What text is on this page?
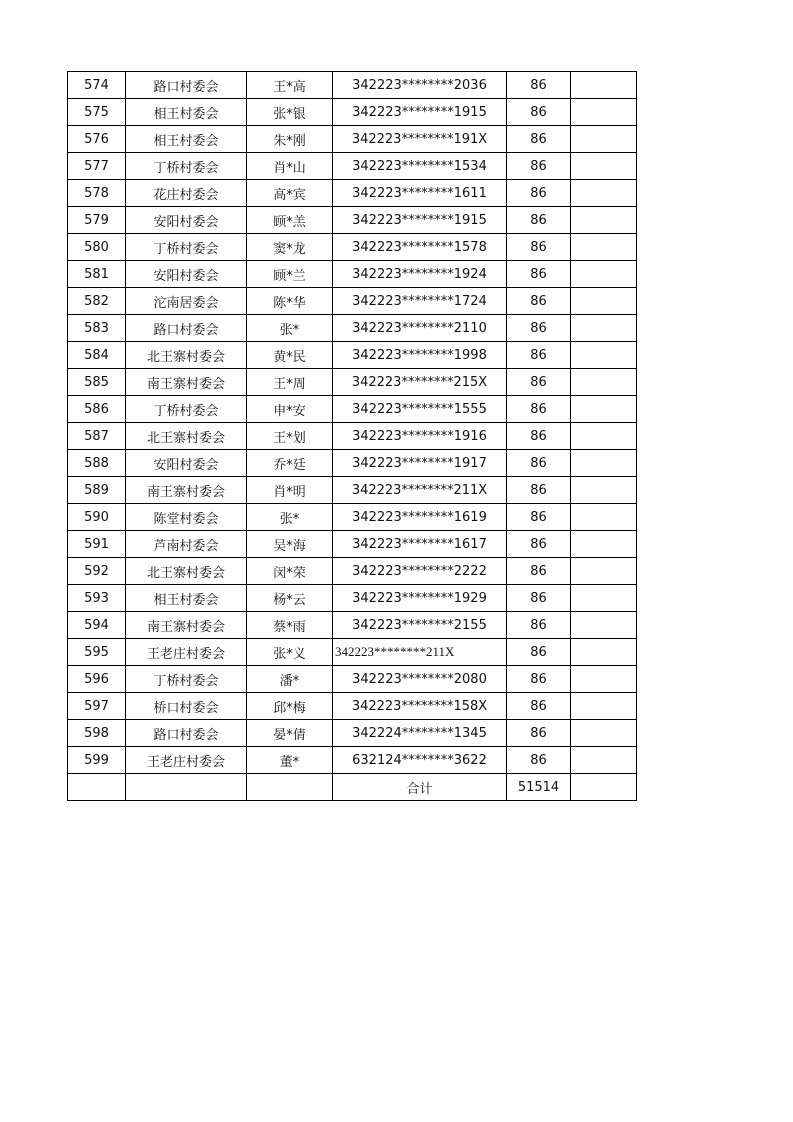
574	路口村委会	王*高	342223********2036	86	
575	相王村委会	张*银	342223********1915	86	
576	相王村委会	朱*刚	342223********191X	86	
577	丁桥村委会	肖*山	342223********1534	86	
578	花庄村委会	高*宾	342223********1611	86	
579	安阳村委会	顾*羔	342223********1915	86	
580	丁桥村委会	窦*龙	342223********1578	86	
581	安阳村委会	顾*兰	342223********1924	86	
582	沱南居委会	陈*华	342223********1724	86	
583	路口村委会	张*	342223********2110	86	
584	北王寨村委会	黄*民	342223********1998	86	
585	南王寨村委会	王*周	342223********215X	86	
586	丁桥村委会	申*安	342223********1555	86	
587	北王寨村委会	王*划	342223********1916	86	
588	安阳村委会	乔*廷	342223********1917	86	
589	南王寨村委会	肖*明	342223********211X	86	
590	陈堂村委会	张*	342223********1619	86	
591	芦南村委会	吴*海	342223********1617	86	
592	北王寨村委会	闵*荣	342223********2222	86	
593	相王村委会	杨*云	342223********1929	86	
594	南王寨村委会	蔡*雨	342223********2155	86	
595	王老庄村委会	张*义	342223********211X	86	
596	丁桥村委会	潘*	342223********2080	86	
597	桥口村委会	邱*梅	342223********158X	86	
598	路口村委会	晏*倩	342224********1345	86	
599	王老庄村委会	董*	632124********3622	86	
			合计	51514	
